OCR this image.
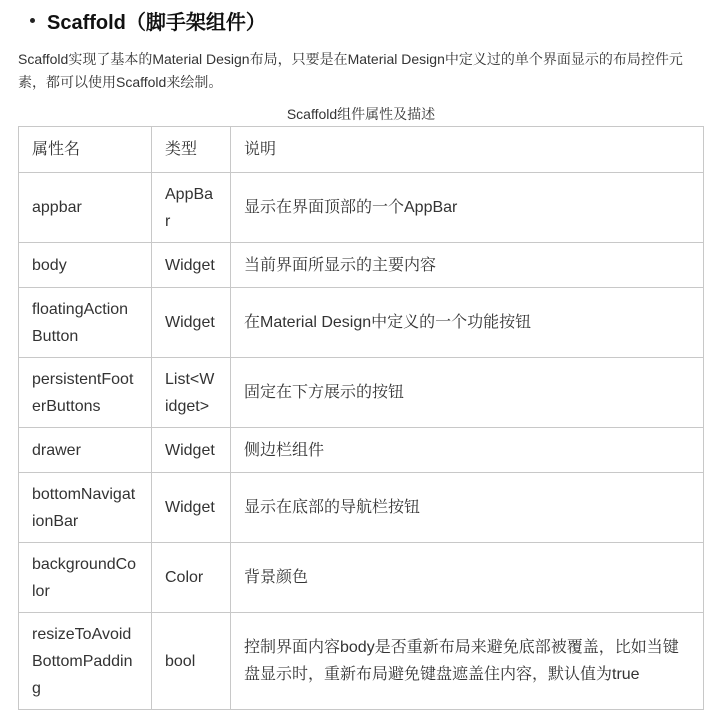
Scaffold（脚手架组件）
Scaffold实现了基本的Material Design布局，只要是在Material Design中定义过的单个界面显示的布局控件元素，都可以使用Scaffold来绘制。
Scaffold组件属性及描述
属性名	类型	说明
appbar	AppBar	显示在界面顶部的一个AppBar
body	Widget	当前界面所显示的主要内容
floatingActionButton	Widget	在Material Design中定义的一个功能按钮
persistentFooterButtons	List<Widget>	固定在下方展示的按钮
drawer	Widget	侧边栏组件
bottomNavigationBar	Widget	显示在底部的导航栏按钮
backgroundColor	Color	背景颜色
resizeToAvoidBottomPadding	bool	控制界面内容body是否重新布局来避免底部被覆盖，比如当键盘显示时，重新布局避免键盘遮盖住内容，默认值为true
